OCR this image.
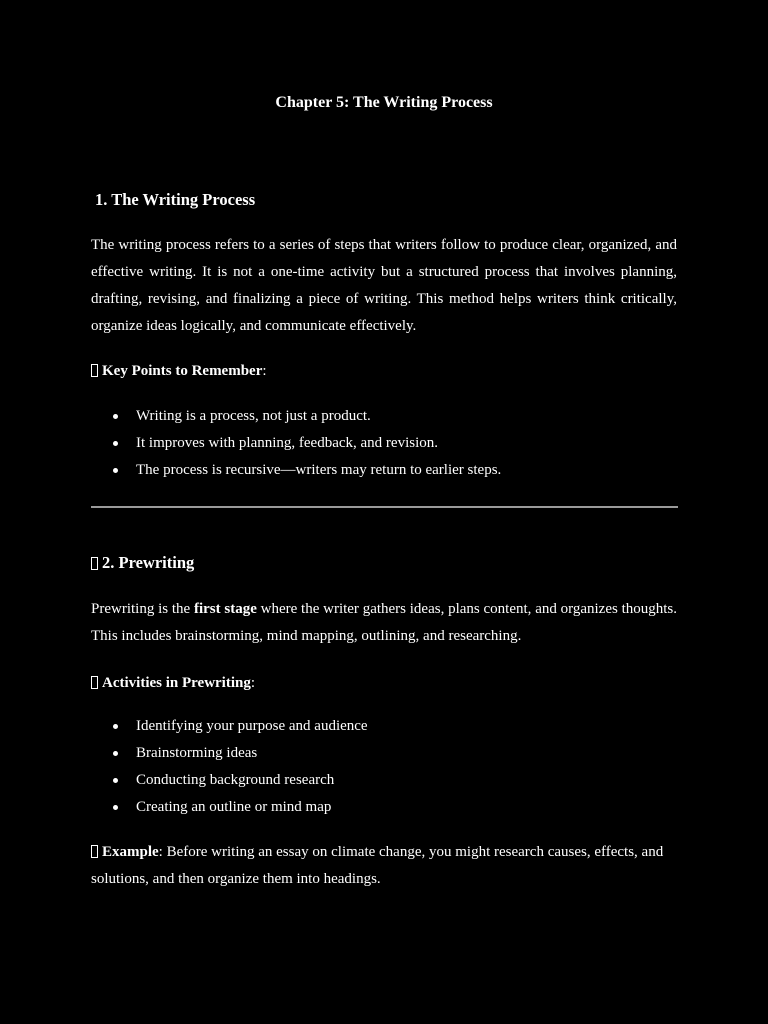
Chapter 5: The Writing Process
1. The Writing Process

The writing process refers to a series of steps that writers follow to produce clear, organized, and effective writing. It is not a one-time activity but a structured process that involves planning, drafting, revising, and finalizing a piece of writing. This method helps writers think critically, organize ideas logically, and communicate effectively.

Key Points to Remember:
Writing is a process, not just a product.
It improves with planning, feedback, and revision.
The process is recursive—writers may return to earlier steps.
2. Prewriting

Prewriting is the first stage where the writer gathers ideas, plans content, and organizes thoughts. This includes brainstorming, mind mapping, outlining, and researching.

Activities in Prewriting:
Identifying your purpose and audience
Brainstorming ideas
Conducting background research
Creating an outline or mind map

Example: Before writing an essay on climate change, you might research causes, effects, and solutions, and then organize them into headings.
